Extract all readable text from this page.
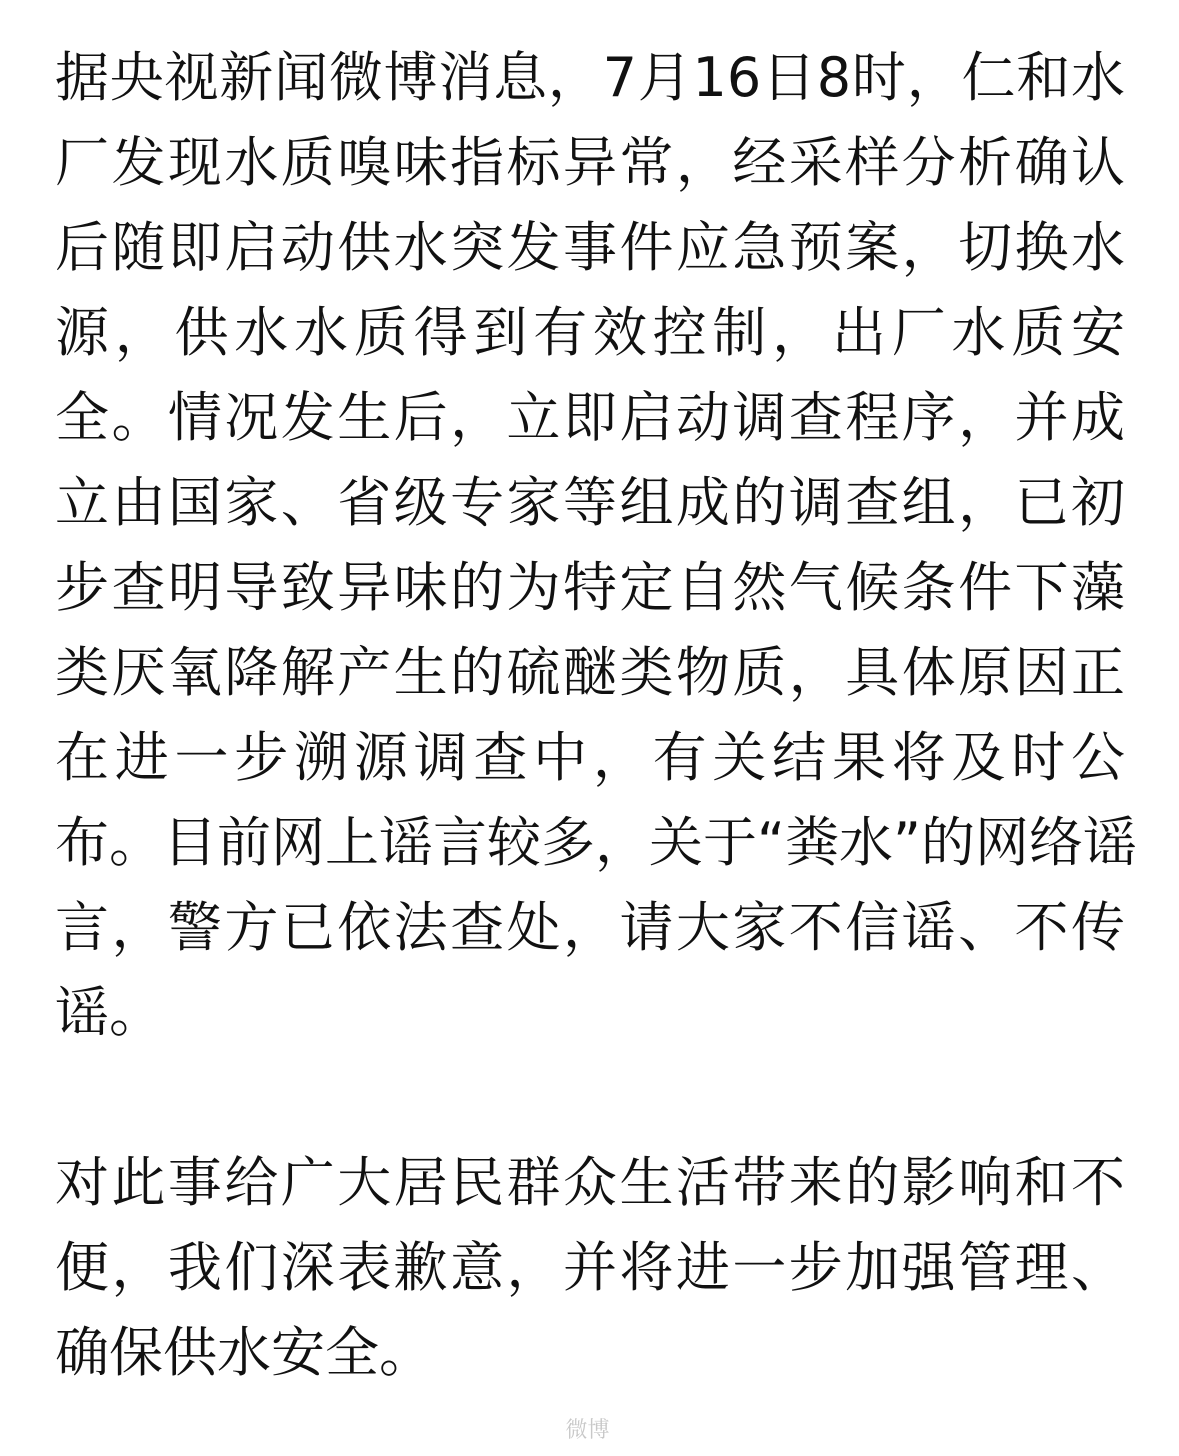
据央视新闻微博消息，7月16日8时，仁和水
厂发现水质嗅味指标异常，经采样分析确认
后随即启动供水突发事件应急预案，切换水
源，供水水质得到有效控制，出厂水质安
全。情况发生后，立即启动调查程序，并成
立由国家、省级专家等组成的调查组，已初
步查明导致异味的为特定自然气候条件下藻
类厌氧降解产生的硫醚类物质，具体原因正
在进一步溯源调查中，有关结果将及时公
布。目前网上谣言较多，关于“粪水”的网络谣
言，警方已依法查处，请大家不信谣、不传
谣。
对此事给广大居民群众生活带来的影响和不
便，我们深表歉意，并将进一步加强管理、
确保供水安全。
微博
